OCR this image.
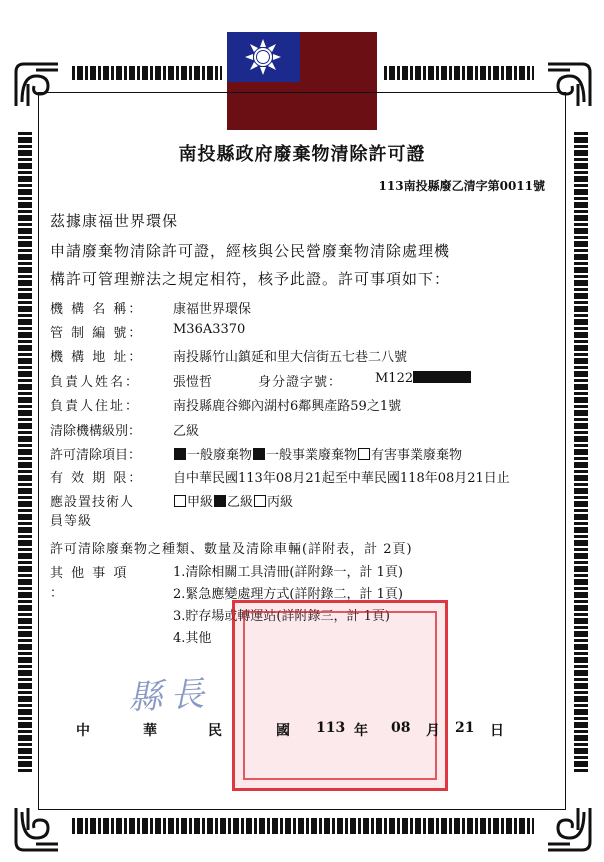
南投縣政府廢棄物清除許可證
113南投縣廢乙清字第0011號
茲據康福世界環保
申請廢棄物清除許可證，經核與公民營廢棄物清除處理機
構許可管理辦法之規定相符，核予此證。許可事項如下：
機 構 名 稱： 康福世界環保
管 制 編 號： M36A3370
機 構 地 址： 南投縣竹山鎮延和里大信街五七巷二八號
負責人姓名：	張愷哲	身分證字號：	M122
負責人住址：	南投縣鹿谷鄉內湖村6鄰興產路59之1號
清除機構級別： 乙級
許可清除項目：	一般廢棄物 一般事業廢棄物 有害事業廢棄物
有 效 期 限： 自中華民國113年08月21起至中華民國118年08月21日止
應設置技術人
員等級
甲級 乙級 丙級
許可清除廢棄物之種類、數量及清除車輛(詳附表，計 2頁)
其 他 事 項
：
1.清除相關工具清冊(詳附錄一，計 1頁)
2.緊急應變處理方式(詳附錄二，計 1頁)
3.貯存場或轉運站(詳附錄三，計 1頁)
4.其他
縣長
中	華	民	國 113 年 08 月 21 日
